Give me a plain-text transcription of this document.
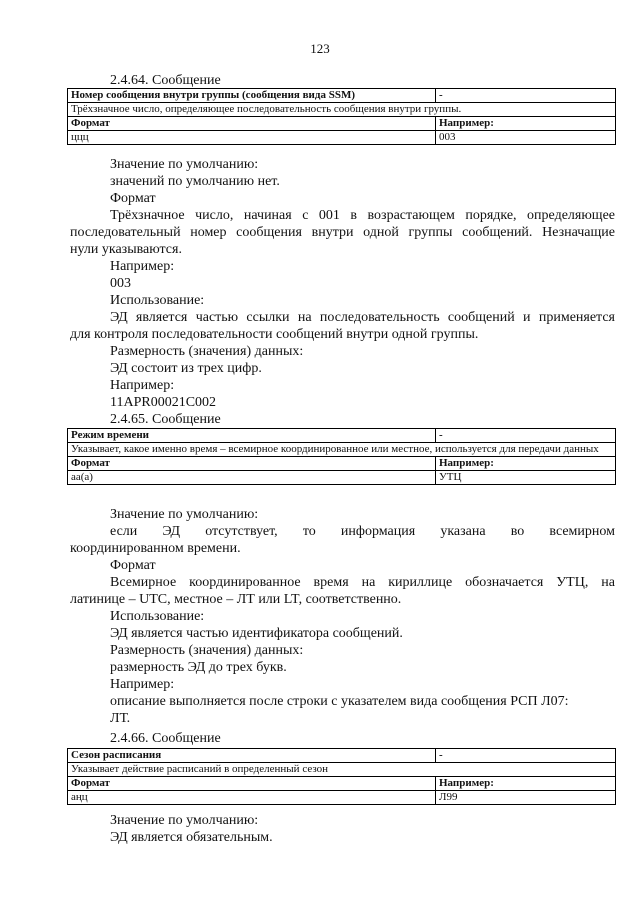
123
2.4.64. Сообщение
Номер сообщения внутри группы (сообщения вида SSM)	-
Трёхзначное число, определяющее последовательность сообщения внутри группы.	
Формат	Например:
ццц	003
Значение по умолчанию:
значений по умолчанию нет.
Формат
Трёхзначное число, начиная с 001 в возрастающем порядке, определяющее
последовательный номер сообщения внутри одной группы сообщений. Незначащие
нули указываются.
Например:
003
Использование:
ЭД является частью ссылки на последовательность сообщений и применяется
для контроля последовательности сообщений внутри одной группы.
Размерность (значения) данных:
ЭД состоит из трех цифр.
Например:
11APR00021C002
2.4.65. Сообщение
Режим времени	-
Указывает, какое именно время – всемирное координированное или местное, используется для передачи данных	
Формат	Например:
аа(а)	УТЦ
Значение по умолчанию:
если ЭД отсутствует, то информация указана во всемирном
координированном времени.
Формат
Всемирное координированное время на кириллице обозначается УТЦ, на
латинице – UTC, местное – ЛТ или LT, соответственно.
Использование:
ЭД является частью идентификатора сообщений.
Размерность (значения) данных:
размерность ЭД до трех букв.
Например:
описание выполняется после строки с указателем вида сообщения РСП Л07:
ЛТ.
2.4.66. Сообщение
Сезон расписания	-
Указывает действие расписаний в определенный сезон	
Формат	Например:
аңц	Л99
Значение по умолчанию:
ЭД является обязательным.
